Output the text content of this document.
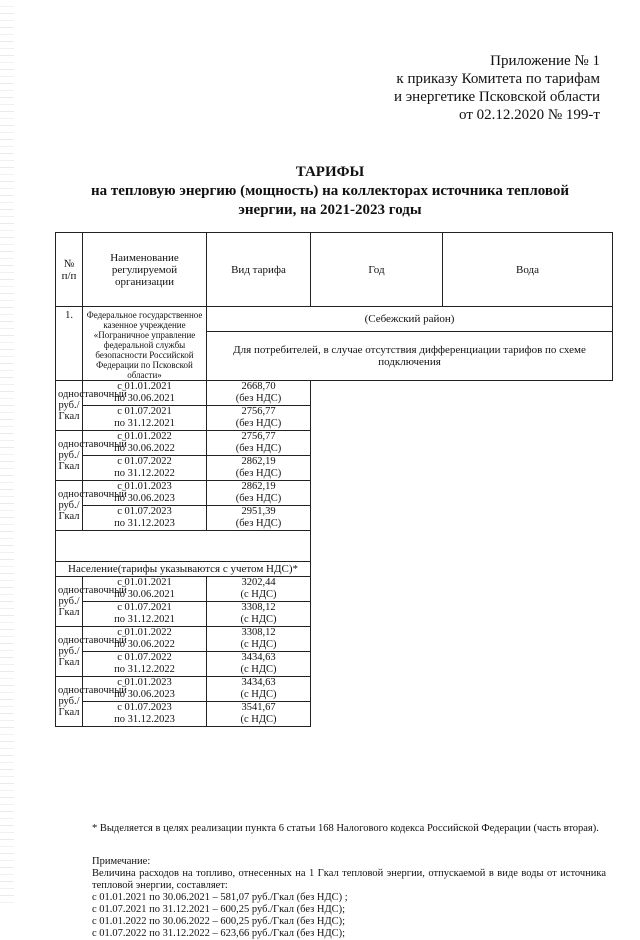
Приложение № 1
к приказу Комитета по тарифам
и энергетике Псковской области
от 02.12.2020 № 199-т
ТАРИФЫ
на тепловую энергию (мощность) на коллекторах источника тепловой
энергии, на 2021-2023 годы
№ п/п	Наименование регулируемой организации	Вид тарифа	Год	Вода
1.	Федеральное государственное казенное учреждение «Пограничное управление федеральной службы безопасности Российской Федерации по Псковской области»	(Себежский район)		
		Для потребителей, в случае отсутствия дифференциации тарифов по схеме подключения		
одноставочный руб./Гкал	с 01.01.2021
по 30.06.2021	2668,70
(без НДС)		

	с 01.07.2021
по 31.12.2021	2756,77
(без НДС)		

одноставочный руб./Гкал	с 01.01.2022
по 30.06.2022	2756,77
(без НДС)		

	с 01.07.2022
по 31.12.2022	2862,19
(без НДС)		

одноставочный руб./Гкал	с 01.01.2023
по 30.06.2023	2862,19
(без НДС)		

	с 01.07.2023
по 31.12.2023	2951,39
(без НДС)		

Население(тарифы указываются с учетом НДС)*				
одноставочный руб./Гкал	с 01.01.2021
по 30.06.2021	3202,44
(с НДС)		

	с 01.07.2021
по 31.12.2021	3308,12
(с НДС)		

одноставочный руб./Гкал	с 01.01.2022
по 30.06.2022	3308,12
(с НДС)		

	с 01.07.2022
по 31.12.2022	3434,63
(с НДС)		

одноставочный руб./Гкал	с 01.01.2023
по 30.06.2023	3434,63
(с НДС)		

	с 01.07.2023
по 31.12.2023	3541,67
(с НДС)		
* Выделяется в целях реализации пункта 6 статьи 168 Налогового кодекса Российской Федерации (часть вторая).
Примечание:
Величина расходов на топливо, отнесенных на 1 Гкал тепловой энергии, отпускаемой в виде воды от источника тепловой энергии, составляет:
с 01.01.2021 по 30.06.2021 – 581,07 руб./Гкал (без НДС) ;
с 01.07.2021 по 31.12.2021 – 600,25 руб./Гкал (без НДС);
с 01.01.2022 по 30.06.2022 – 600,25 руб./Гкал (без НДС);
с 01.07.2022 по 31.12.2022 – 623,66 руб./Гкал (без НДС);
